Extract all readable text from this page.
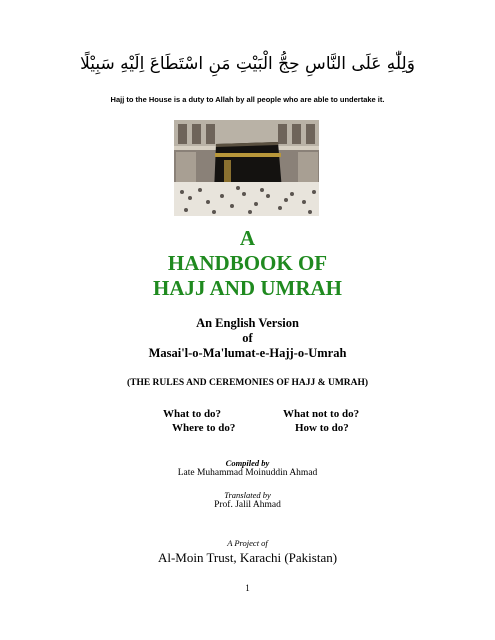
وَلِلّٰهِ عَلَى النَّاسِ حِجُّ الْبَيْتِ مَنِ اسْتَطَاعَ اِلَيْهِ سَبِيْلًا
Hajj to the House is a duty to Allah by all people who are able to undertake it.
A
HANDBOOK OF
HAJJ AND UMRAH
An English Version
of
Masai'l-o-Ma'lumat-e-Hajj-o-Umrah
(THE RULES AND CEREMONIES OF HAJJ & UMRAH)
What to do?	What not to do?
Where to do?	How to do?
Compiled by
Late Muhammad Moinuddin Ahmad
Translated by
Prof. Jalil Ahmad
A Project of
Al-Moin Trust, Karachi (Pakistan)
1
